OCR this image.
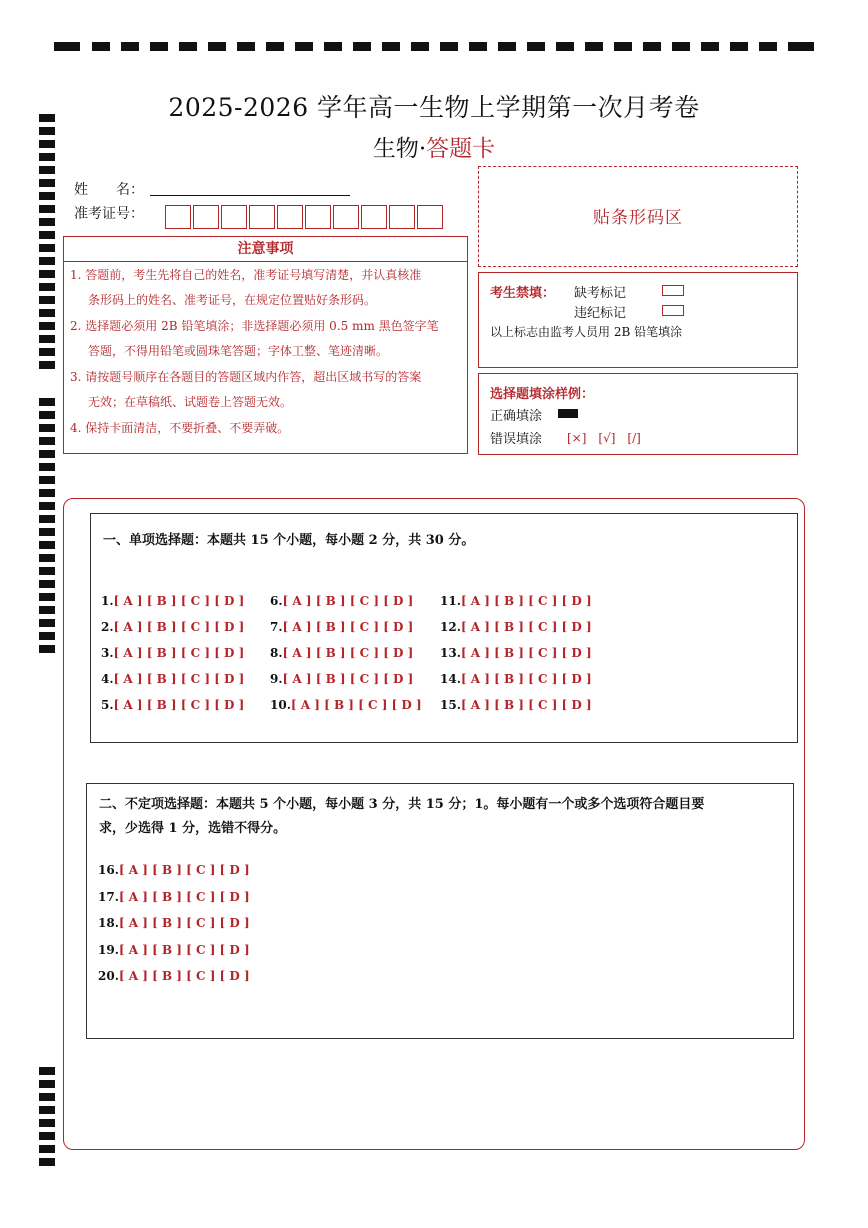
2025-2026 学年高一生物上学期第一次月考卷
生物·答题卡
姓　　名：
准考证号：	贴条形码区
注意事项
1. 答题前，考生先将自己的姓名，准考证号填写清楚，并认真核准
条形码上的姓名、准考证号，在规定位置贴好条形码。
2. 选择题必须用 2B 铅笔填涂；非选择题必须用 0.5 mm 黑色签字笔
答题，不得用铅笔或圆珠笔答题；字体工整、笔迹清晰。
3. 请按题号顺序在各题目的答题区域内作答，超出区域书写的答案
无效；在草稿纸、试题卷上答题无效。
4. 保持卡面清洁，不要折叠、不要弄破。
考生禁填： 缺考标记
违纪标记
以上标志由监考人员用 2B 铅笔填涂
选择题填涂样例：
正确填涂
错误填涂 [×]　[√]　[/]
一、单项选择题：本题共 15 个小题，每小题 2 分，共 30 分。
1.[ A ] [ B ] [ C ] [ D ]
2.[ A ] [ B ] [ C ] [ D ]
3.[ A ] [ B ] [ C ] [ D ]
4.[ A ] [ B ] [ C ] [ D ]
5.[ A ] [ B ] [ C ] [ D ]
6.[ A ] [ B ] [ C ] [ D ]
7.[ A ] [ B ] [ C ] [ D ]
8.[ A ] [ B ] [ C ] [ D ]
9.[ A ] [ B ] [ C ] [ D ]
10.[ A ] [ B ] [ C ] [ D ]
11.[ A ] [ B ] [ C ] [ D ]
12.[ A ] [ B ] [ C ] [ D ]
13.[ A ] [ B ] [ C ] [ D ]
14.[ A ] [ B ] [ C ] [ D ]
15.[ A ] [ B ] [ C ] [ D ]
二、不定项选择题：本题共 5 个小题，每小题 3 分，共 15 分；1。每小题有一个或多个选项符合题目要
求，少选得 1 分，选错不得分。
16.[ A ] [ B ] [ C ] [ D ]
17.[ A ] [ B ] [ C ] [ D ]
18.[ A ] [ B ] [ C ] [ D ]
19.[ A ] [ B ] [ C ] [ D ]
20.[ A ] [ B ] [ C ] [ D ]
